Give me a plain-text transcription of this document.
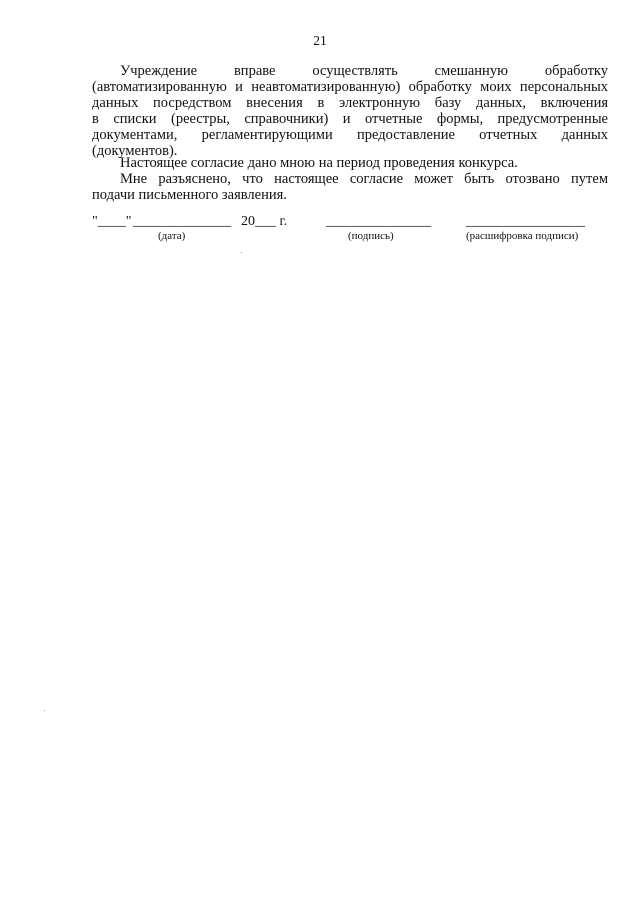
21
Учреждение вправе осуществлять смешанную обработку
(автоматизированную и неавтоматизированную) обработку моих персональных
данных посредством внесения в электронную базу данных, включения
в списки (реестры, справочники) и отчетные формы, предусмотренные
документами, регламентирующими предоставление отчетных данных
(документов).
Настоящее согласие дано мною на период проведения конкурса.
Мне разъяснено, что настоящее согласие может быть отозвано путем
подачи письменного заявления.
"____" ______________ 20___ г.	_______________	_________________
(дата)	(подпись)	(расшифровка подписи)
